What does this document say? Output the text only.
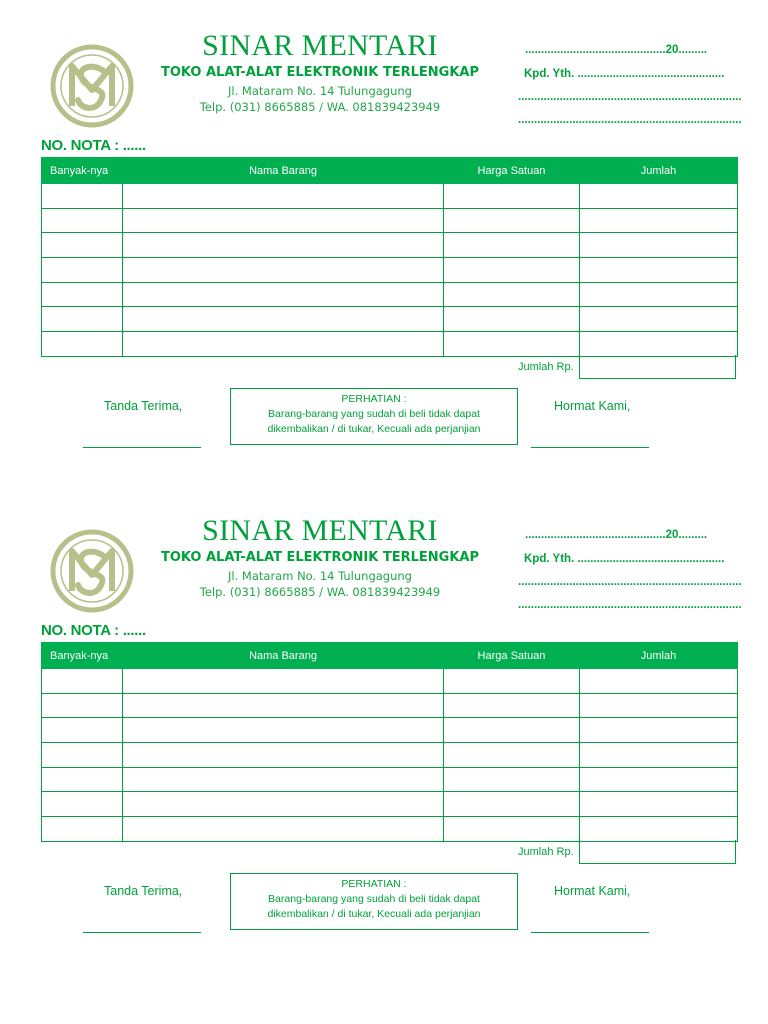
SINAR MENTARI
TOKO ALAT-ALAT ELEKTRONIK TERLENGKAP
Jl. Mataram No. 14 Tulungagung
Telp. (031) 8665885 / WA. 081839423949
............................................20.........
Kpd. Yth. ..............................................
......................................................................
......................................................................
NO. NOTA : ......
Banyak-nya	Nama Barang	Harga Satuan	Jumlah

Jumlah Rp.
Tanda Terima,	PERHATIAN :
Barang-barang yang sudah di beli tidak dapat
dikembalikan / di tukar, Kecuali ada perjanjian
Hormat Kami,
SINAR MENTARI
TOKO ALAT-ALAT ELEKTRONIK TERLENGKAP
Jl. Mataram No. 14 Tulungagung
Telp. (031) 8665885 / WA. 081839423949
............................................20.........
Kpd. Yth. ..............................................
......................................................................
......................................................................
NO. NOTA : ......
Banyak-nya	Nama Barang	Harga Satuan	Jumlah

Jumlah Rp.
Tanda Terima,	PERHATIAN :
Barang-barang yang sudah di beli tidak dapat
dikembalikan / di tukar, Kecuali ada perjanjian
Hormat Kami,
